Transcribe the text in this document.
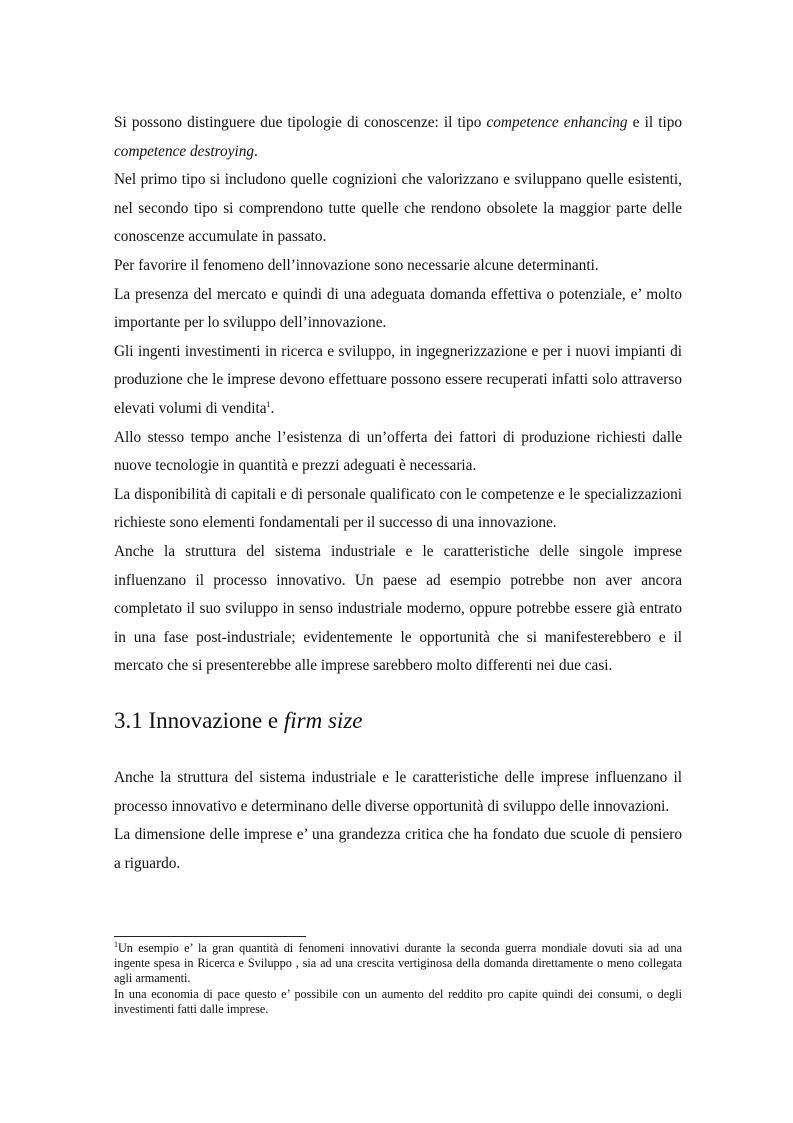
Si possono distinguere due tipologie di conoscenze: il tipo competence enhancing e il tipo competence destroying.

Nel primo tipo si includono quelle cognizioni che valorizzano e sviluppano quelle esistenti, nel secondo tipo si comprendono tutte quelle che rendono obsolete la maggior parte delle conoscenze accumulate in passato.

Per favorire il fenomeno dell’innovazione sono necessarie alcune determinanti.

La presenza del mercato e quindi di una adeguata domanda effettiva o potenziale, e’ molto importante per lo sviluppo dell’innovazione.

Gli ingenti investimenti in ricerca e sviluppo, in ingegnerizzazione e per i nuovi impianti di produzione che le imprese devono effettuare possono essere recuperati infatti solo attraverso elevati volumi di vendita$^1$.

Allo stesso tempo anche l’esistenza di un’offerta dei fattori di produzione richiesti dalle nuove tecnologie in quantità e prezzi adeguati è necessaria.

La disponibilità di capitali e di personale qualificato con le competenze e le specializzazioni richieste sono elementi fondamentali per il successo di una innovazione.

Anche la struttura del sistema industriale e le caratteristiche delle singole imprese influenzano il processo innovativo. Un paese ad esempio potrebbe non aver ancora completato il suo sviluppo in senso industriale moderno, oppure potrebbe essere già entrato in una fase post-industriale; evidentemente le opportunità che si manifesterebbero e il mercato che si presenterebbe alle imprese sarebbero molto differenti nei due casi.

3.1 Innovazione e firm size

Anche la struttura del sistema industriale e le caratteristiche delle imprese influenzano il processo innovativo e determinano delle diverse opportunità di sviluppo delle innovazioni.

La dimensione delle imprese e’ una grandezza critica che ha fondato due scuole di pensiero a riguardo.

$^1$Un esempio e’ la gran quantità di fenomeni innovativi durante la seconda guerra mondiale dovuti sia ad una ingente spesa in Ricerca e Sviluppo , sia ad una crescita vertiginosa della domanda direttamente o meno collegata agli armamenti.

In una economia di pace questo e’ possibile con un aumento del reddito pro capite quindi dei consumi, o degli investimenti fatti dalle imprese.
